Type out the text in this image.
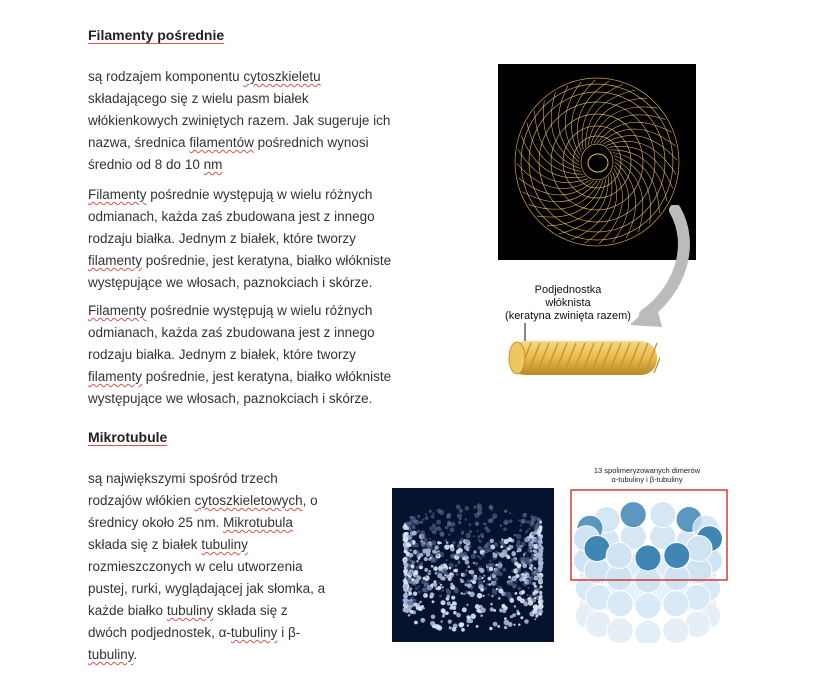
Filamenty pośrednie
są rodzajem komponentu cytoszkieletu
składającego się z wielu pasm białek
włókienkowych zwiniętych razem. Jak sugeruje ich
nazwa, średnica filamentów pośrednich wynosi
średnio od 8 do 10 nm
Filamenty pośrednie występują w wielu różnych
odmianach, każda zaś zbudowana jest z innego
rodzaju białka. Jednym z białek, które tworzy
filamenty pośrednie, jest keratyna, białko włókniste
występujące we włosach, paznokciach i skórze.
Filamenty pośrednie występują w wielu różnych
odmianach, każda zaś zbudowana jest z innego
rodzaju białka. Jednym z białek, które tworzy
filamenty pośrednie, jest keratyna, białko włókniste
występujące we włosach, paznokciach i skórze.
Podjednostka
włóknista
(keratyna zwinięta razem)
Mikrotubule
są największymi spośród trzech
rodzajów włókien cytoszkieletowych, o
średnicy około 25 nm. Mikrotubula
składa się z białek tubuliny
rozmieszczonych w celu utworzenia
pustej, rurki, wyglądającej jak słomka, a
każde białko tubuliny składa się z
dwóch podjednostek, α-tubuliny i β-
tubuliny.
13 spolimeryzowanych dimerów
α-tubuliny i β-tubuliny
